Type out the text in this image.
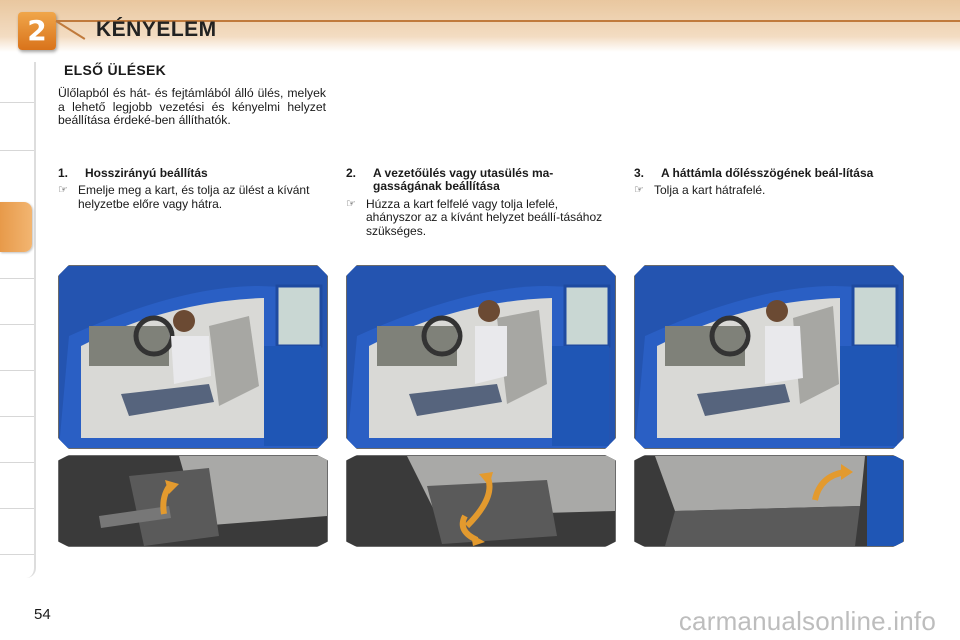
2	KÉNYELEM
ELSŐ ÜLÉSEK

Ülőlapból és hát- és fejtámlából álló ülés, melyek a lehető legjobb vezetési és kényelmi helyzet beállítása érdeké-ben állíthatók.

1.	Hosszirányú beállítás
☞ Emelje meg a kart, és tolja az ülést a kívánt helyzetbe előre vagy hátra.
2.	A vezetőülés vagy utasülés ma-gasságának beállítása
☞ Húzza a kart felfelé vagy tolja lefelé, ahányszor az a kívánt helyzet beállí-tásához szükséges.
3.	A háttámla dőlésszögének beál-lítása
☞ Tolja a kart hátrafelé.
54	carmanualsonline.info
